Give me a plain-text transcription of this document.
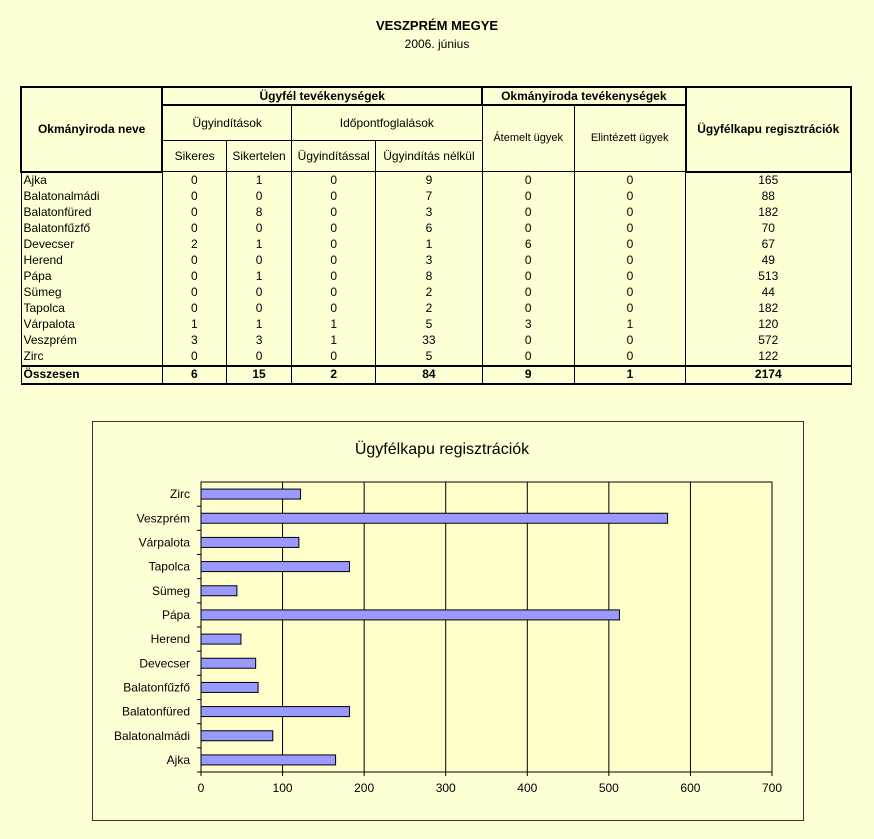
VESZPRÉM MEGYE
2006. június
Okmányiroda neve	Ügyfél tevékenységek				Okmányiroda tevékenységek		Ügyfélkapu regisztrációk
	Ügyindítások		Időpontfoglalások		Átemelt ügyek	Elintézett ügyek	
	Sikeres	Sikertelen	Ügyindítással	Ügyindítás nélkül			
Ajka	0	1	0	9	0	0	165
Balatonalmádi	0	0	0	7	0	0	88
Balatonfüred	0	8	0	3	0	0	182
Balatonfűzfő	0	0	0	6	0	0	70
Devecser	2	1	0	1	6	0	67
Herend	0	0	0	3	0	0	49
Pápa	0	1	0	8	0	0	513
Sümeg	0	0	0	2	0	0	44
Tapolca	0	0	0	2	0	0	182
Várpalota	1	1	1	5	3	1	120
Veszprém	3	3	1	33	0	0	572
Zirc	0	0	0	5	0	0	122
Összesen	6	15	2	84	9	1	2174
Ügyfélkapu regisztrációk
Ajka
Balatonalmádi
Balatonfüred
Balatonfűzfő
Devecser
Herend
Pápa
Sümeg
Tapolca
Várpalota
Veszprém
Zirc
0	100	200	300	400	500	600	700
